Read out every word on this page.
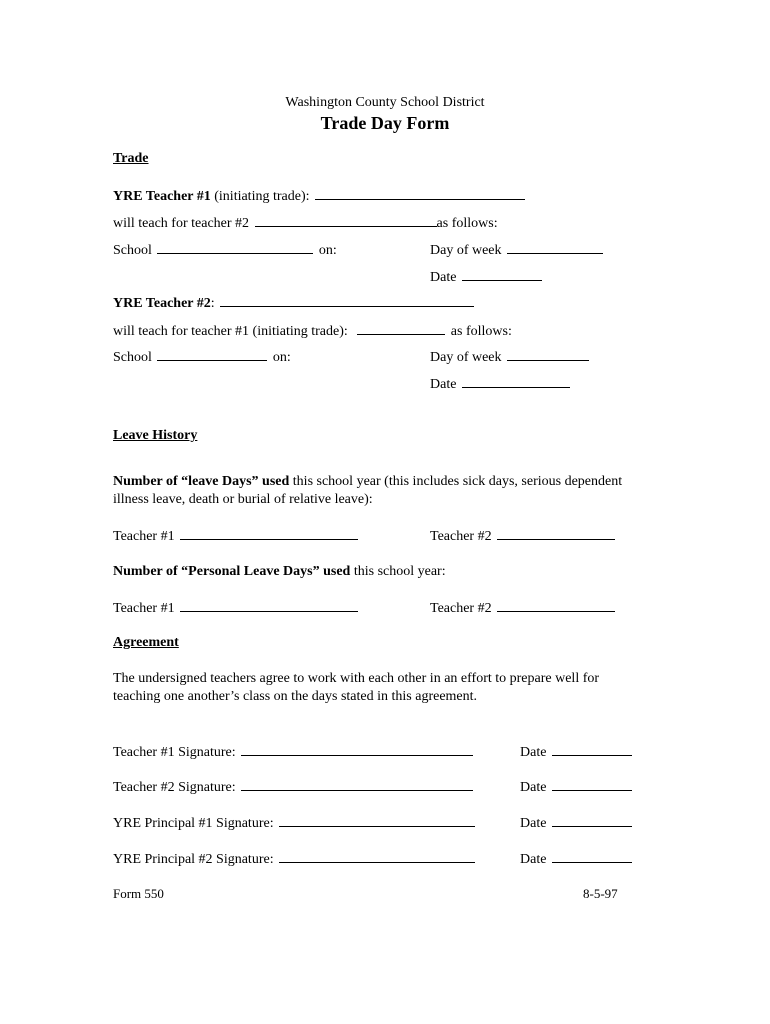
Washington County School District
Trade Day Form
Trade
YRE Teacher #1 (initiating trade):
will teach for teacher #2	as follows:
School	on:	Day of week
Date
YRE Teacher #2:
will teach for teacher #1 (initiating trade):	as follows:
School	on:	Day of week
Date
Leave History
Number of “leave Days” used this school year (this includes sick days, serious dependent illness leave, death or burial of relative leave):
Teacher #1	Teacher #2
Number of “Personal Leave Days” used this school year:
Teacher #1	Teacher #2
Agreement
The undersigned teachers agree to work with each other in an effort to prepare well for teaching one another’s class on the days stated in this agreement.
Teacher #1 Signature:	Date
Teacher #2 Signature:	Date
YRE Principal #1 Signature:	Date
YRE Principal #2 Signature:	Date
Form 550	8-5-97
